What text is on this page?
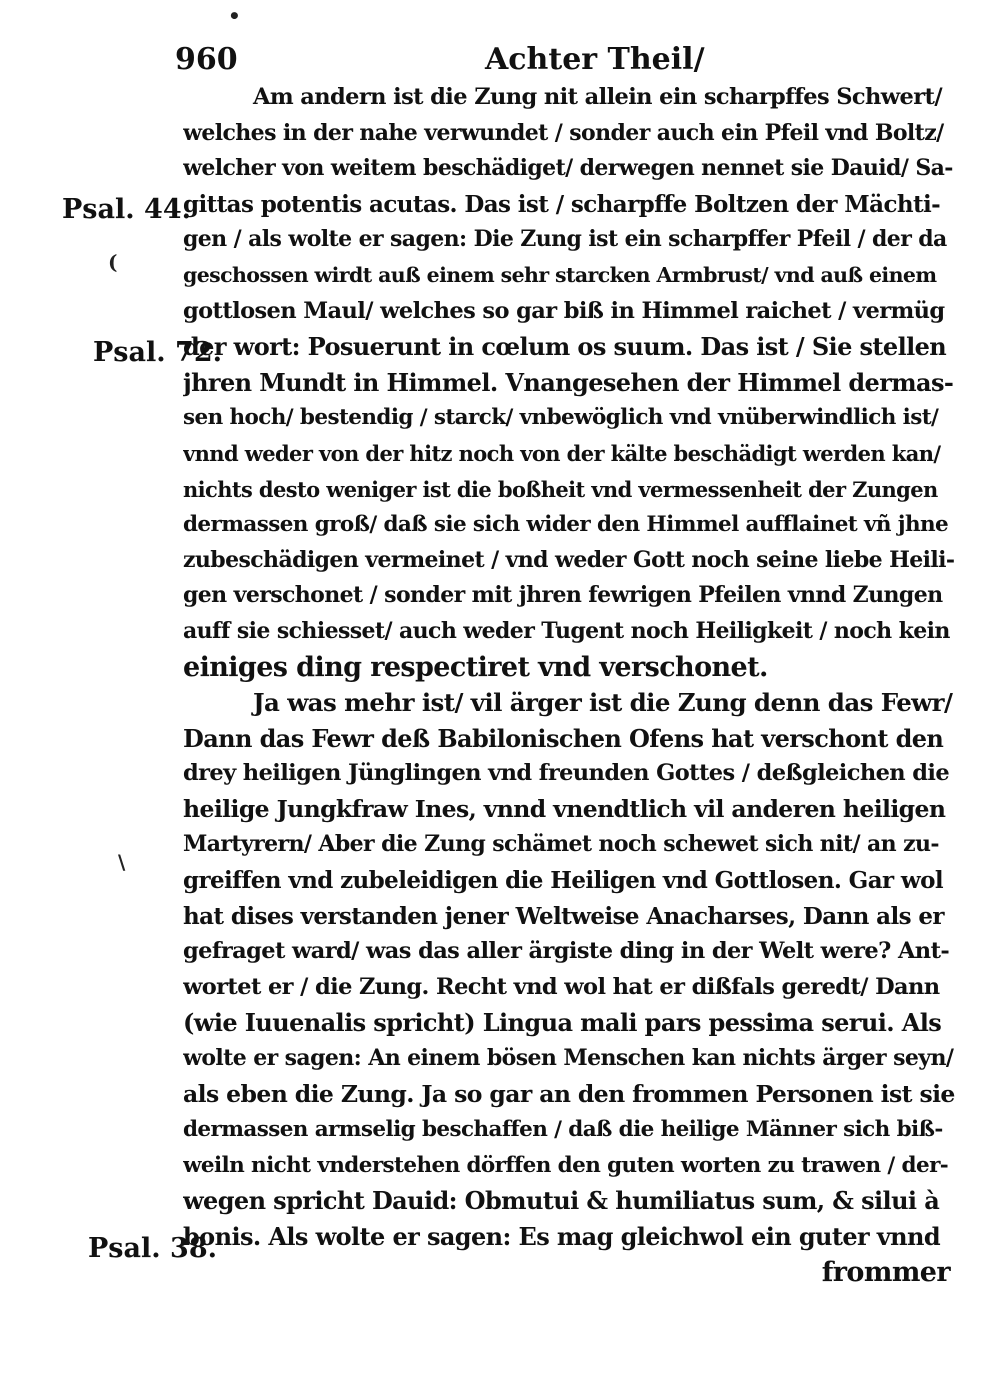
•
(
\
960	Achter Theil/
Psal. 44.
Psal. 72.
Psal. 38.
Am andern ist die Zung nit allein ein scharpffes Schwert/
welches in der nahe verwundet / sonder auch ein Pfeil vnd Boltz/
welcher von weitem beschädiget/ derwegen nennet sie Dauid/ Sa-
gittas potentis acutas. Das ist / scharpffe Boltzen der Mächti-
gen / als wolte er sagen: Die Zung ist ein scharpffer Pfeil / der da
geschossen wirdt auß einem sehr starcken Armbrust/ vnd auß einem
gottlosen Maul/ welches so gar biß in Himmel raichet / vermüg
der wort: Posuerunt in cœlum os suum. Das ist / Sie stellen
jhren Mundt in Himmel. Vnangesehen der Himmel dermas-
sen hoch/ bestendig / starck/ vnbewöglich vnd vnüberwindlich ist/
vnnd weder von der hitz noch von der kälte beschädigt werden kan/
nichts desto weniger ist die boßheit vnd vermessenheit der Zungen
dermassen groß/ daß sie sich wider den Himmel aufflainet vñ jhne
zubeschädigen vermeinet / vnd weder Gott noch seine liebe Heili-
gen verschonet / sonder mit jhren fewrigen Pfeilen vnnd Zungen
auff sie schiesset/ auch weder Tugent noch Heiligkeit / noch kein
einiges ding respectiret vnd verschonet.
Ja was mehr ist/ vil ärger ist die Zung denn das Fewr/
Dann das Fewr deß Babilonischen Ofens hat verschont den
drey heiligen Jünglingen vnd freunden Gottes / deßgleichen die
heilige Jungkfraw Ines, vnnd vnendtlich vil anderen heiligen
Martyrern/ Aber die Zung schämet noch schewet sich nit/ an zu-
greiffen vnd zubeleidigen die Heiligen vnd Gottlosen. Gar wol
hat dises verstanden jener Weltweise Anacharses, Dann als er
gefraget ward/ was das aller ärgiste ding in der Welt were? Ant-
wortet er / die Zung. Recht vnd wol hat er dißfals geredt/ Dann
(wie Iuuenalis spricht) Lingua mali pars pessima serui. Als
wolte er sagen: An einem bösen Menschen kan nichts ärger seyn/
als eben die Zung. Ja so gar an den frommen Personen ist sie
dermassen armselig beschaffen / daß die heilige Männer sich biß-
weiln nicht vnderstehen dörffen den guten worten zu trawen / der-
wegen spricht Dauid: Obmutui & humiliatus sum, & silui à
bonis. Als wolte er sagen: Es mag gleichwol ein guter vnnd
frommer
